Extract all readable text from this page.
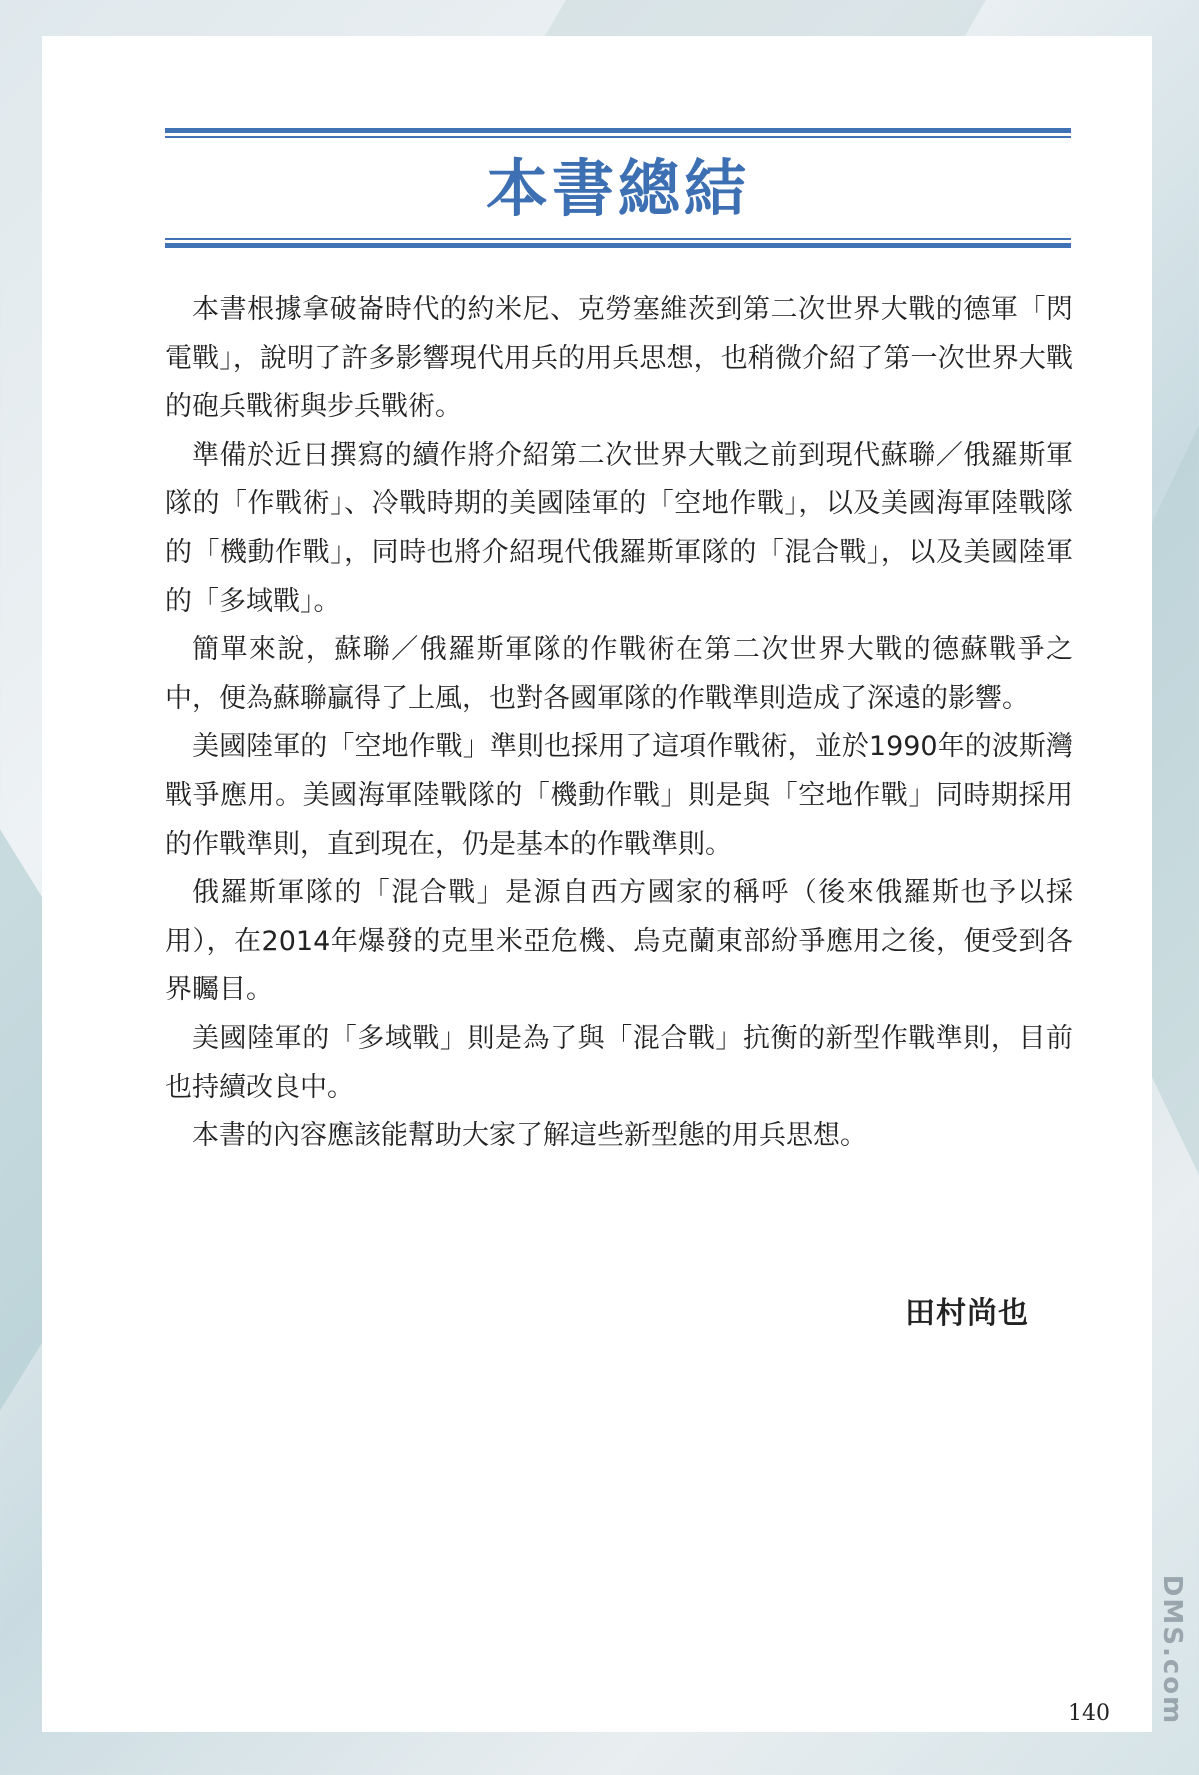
本書總結

本書根據拿破崙時代的約米尼、克勞塞維茨到第二次世界大戰的德軍「閃電戰」，說明了許多影響現代用兵的用兵思想，也稍微介紹了第一次世界大戰的砲兵戰術與步兵戰術。

準備於近日撰寫的續作將介紹第二次世界大戰之前到現代蘇聯／俄羅斯軍隊的「作戰術」、冷戰時期的美國陸軍的「空地作戰」，以及美國海軍陸戰隊的「機動作戰」，同時也將介紹現代俄羅斯軍隊的「混合戰」，以及美國陸軍的「多域戰」。

簡單來說，蘇聯／俄羅斯軍隊的作戰術在第二次世界大戰的德蘇戰爭之中，便為蘇聯贏得了上風，也對各國軍隊的作戰準則造成了深遠的影響。

美國陸軍的「空地作戰」準則也採用了這項作戰術，並於1990年的波斯灣戰爭應用。美國海軍陸戰隊的「機動作戰」則是與「空地作戰」同時期採用的作戰準則，直到現在，仍是基本的作戰準則。

俄羅斯軍隊的「混合戰」是源自西方國家的稱呼（後來俄羅斯也予以採用），在2014年爆發的克里米亞危機、烏克蘭東部紛爭應用之後，便受到各界矚目。

美國陸軍的「多域戰」則是為了與「混合戰」抗衡的新型作戰準則，目前也持續改良中。

本書的內容應該能幫助大家了解這些新型態的用兵思想。

田村尚也
140 DMS.com
